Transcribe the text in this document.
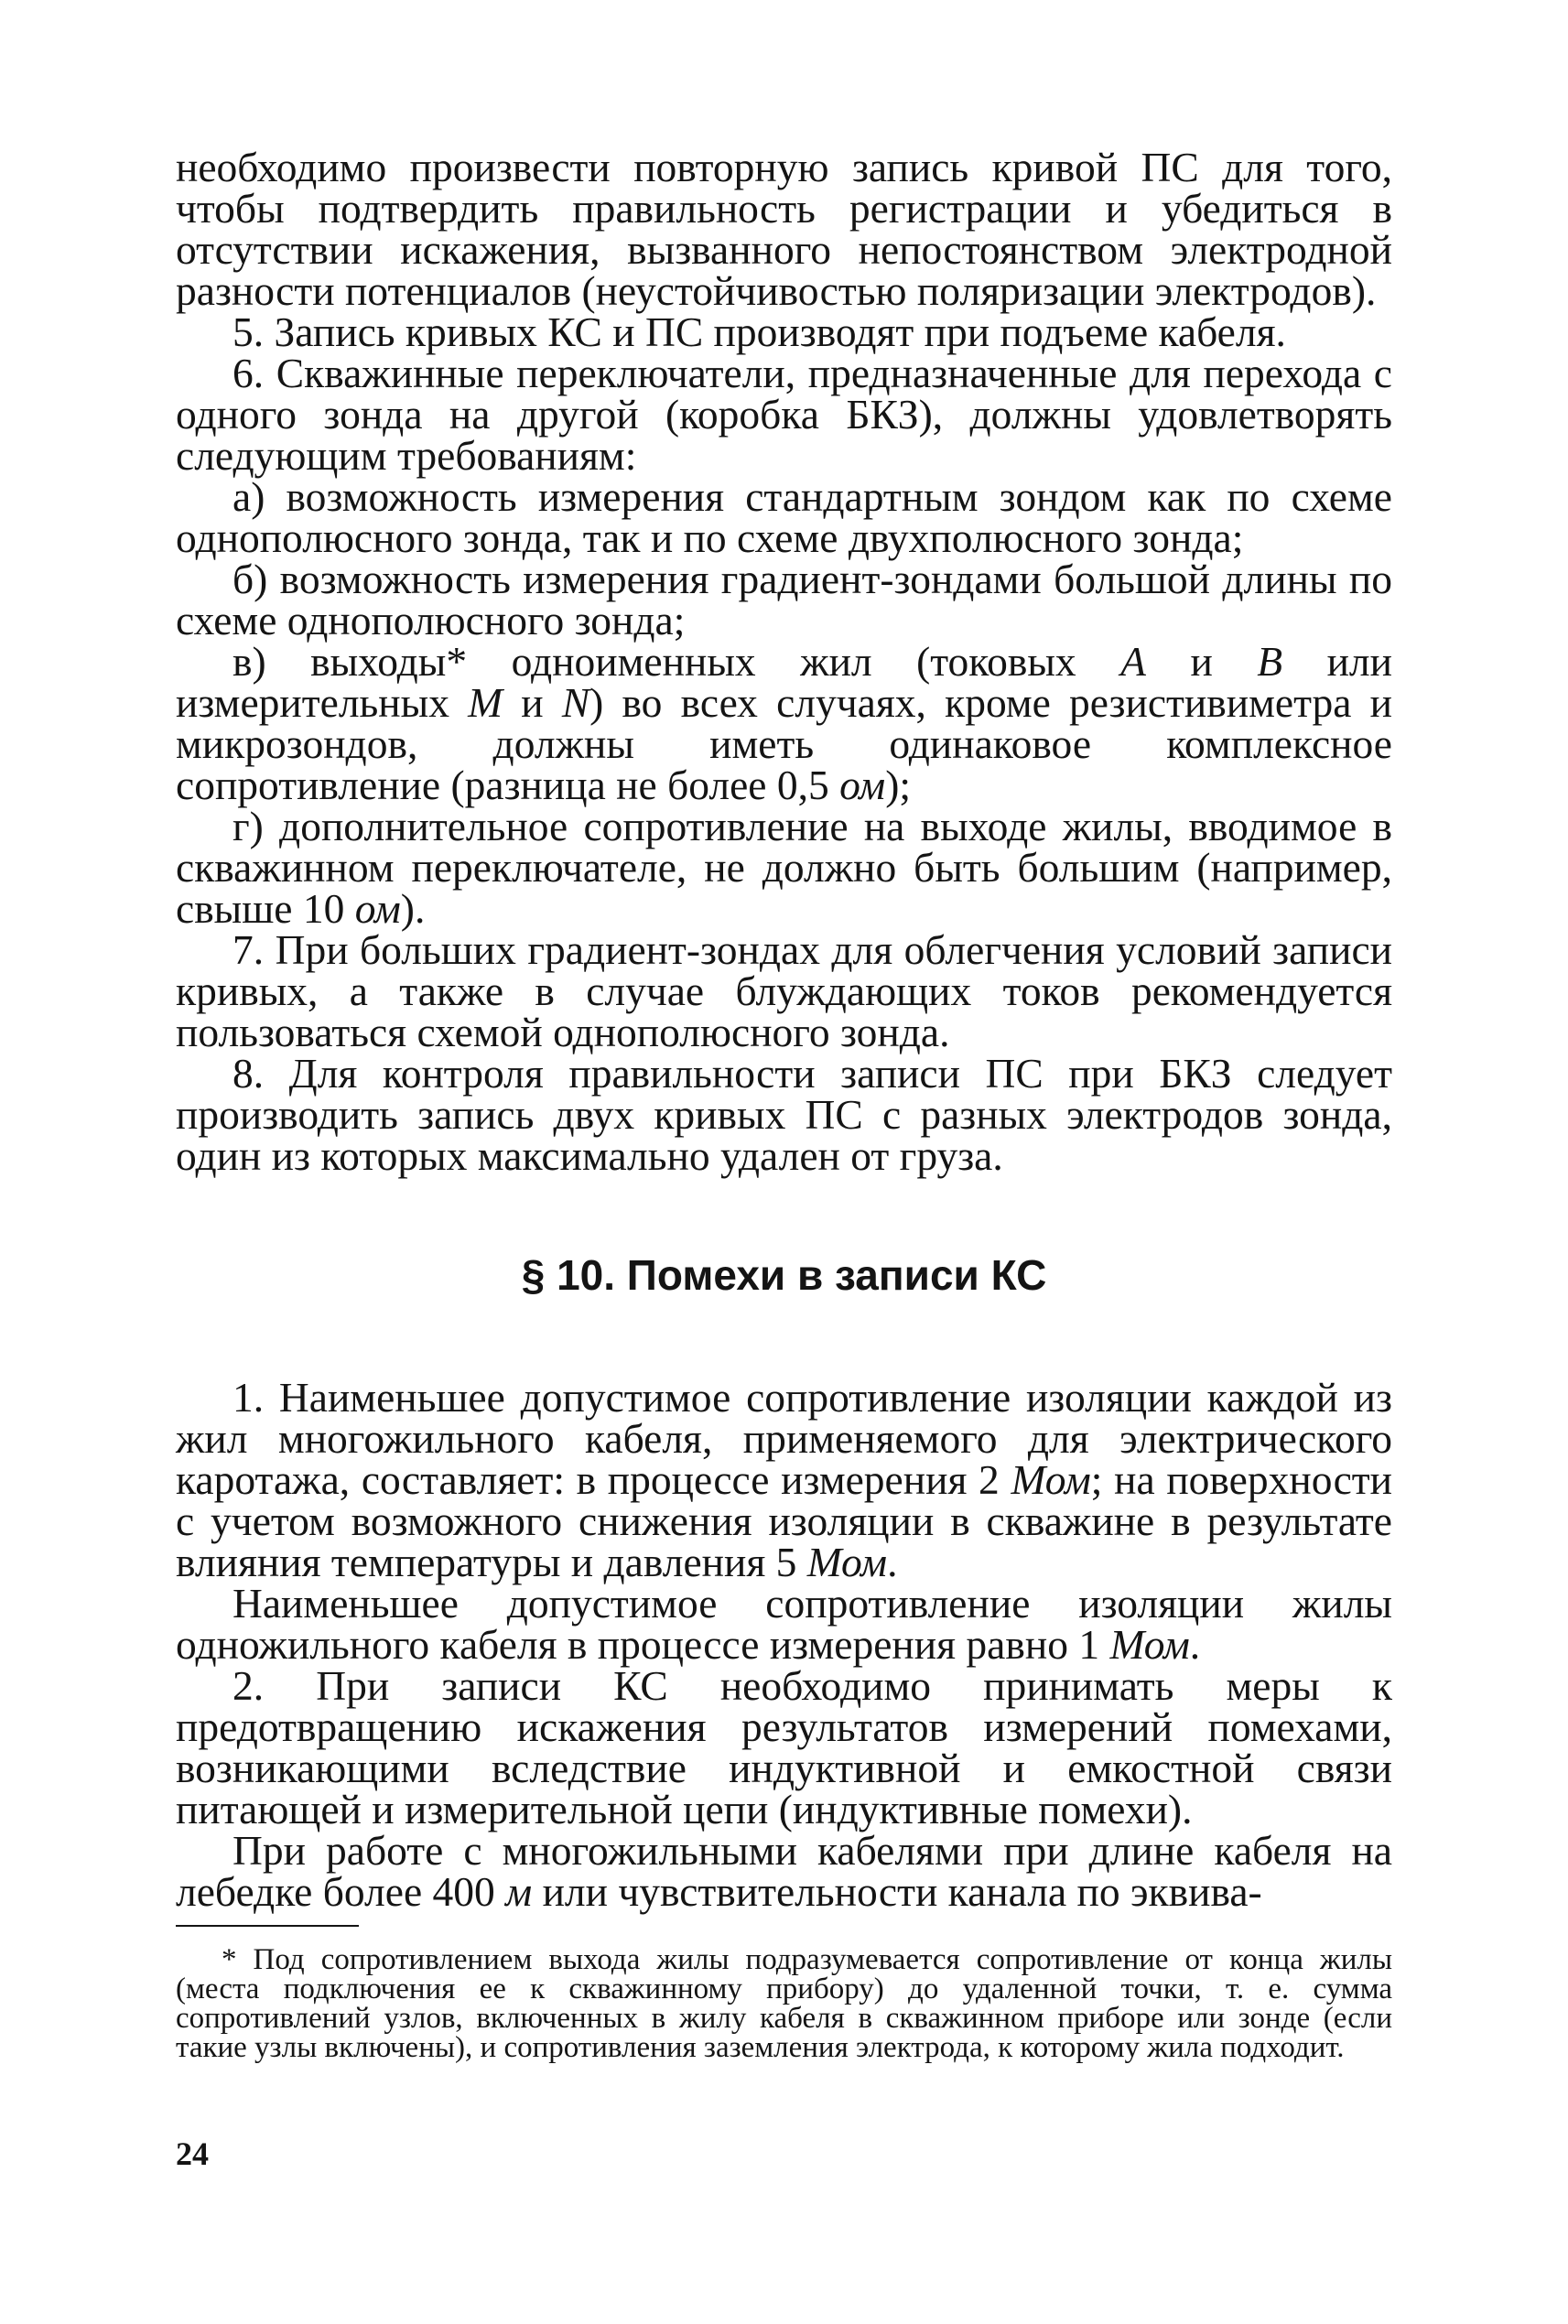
необходимо произвести повторную запись кривой ПС для того, чтобы подтвердить правильность регистрации и убедиться в отсутствии искажения, вызванного непостоянством электродной разности потенциалов (неустойчивостью поляризации электродов).

5. Запись кривых КС и ПС производят при подъеме кабеля.

6. Скважинные переключатели, предназначенные для перехода с одного зонда на другой (коробка БКЗ), должны удовлетворять следующим требованиям:

а) возможность измерения стандартным зондом как по схеме однополюсного зонда, так и по схеме двухполюсного зонда;

б) возможность измерения градиент-зондами большой длины по схеме однополюсного зонда;

в) выходы* одноименных жил (токовых A и B или измерительных M и N) во всех случаях, кроме резистивиметра и микрозондов, должны иметь одинаковое комплексное сопротивление (разница не более 0,5 ом);

г) дополнительное сопротивление на выходе жилы, вводимое в скважинном переключателе, не должно быть большим (например, свыше 10 ом).

7. При больших градиент-зондах для облегчения условий записи кривых, а также в случае блуждающих токов рекомендуется пользоваться схемой однополюсного зонда.

8. Для контроля правильности записи ПС при БКЗ следует производить запись двух кривых ПС с разных электродов зонда, один из которых максимально удален от груза.

§ 10. Помехи в записи КС

1. Наименьшее допустимое сопротивление изоляции каждой из жил многожильного кабеля, применяемого для электрического каротажа, составляет: в процессе измерения 2 Мом; на поверхности с учетом возможного снижения изоляции в скважине в результате влияния температуры и давления 5 Мом.

Наименьшее допустимое сопротивление изоляции жилы одножильного кабеля в процессе измерения равно 1 Мом.

2. При записи КС необходимо принимать меры к предотвращению искажения результатов измерений помехами, возникающими вследствие индуктивной и емкостной связи питающей и измерительной цепи (индуктивные помехи).

При работе с многожильными кабелями при длине кабеля на лебедке более 400 м или чувствительности канала по эквива-

* Под сопротивлением выхода жилы подразумевается сопротивление от конца жилы (места подключения ее к скважинному прибору) до удаленной точки, т. е. сумма сопротивлений узлов, включенных в жилу кабеля в скважинном приборе или зонде (если такие узлы включены), и сопротивления заземления электрода, к которому жила подходит.

24
